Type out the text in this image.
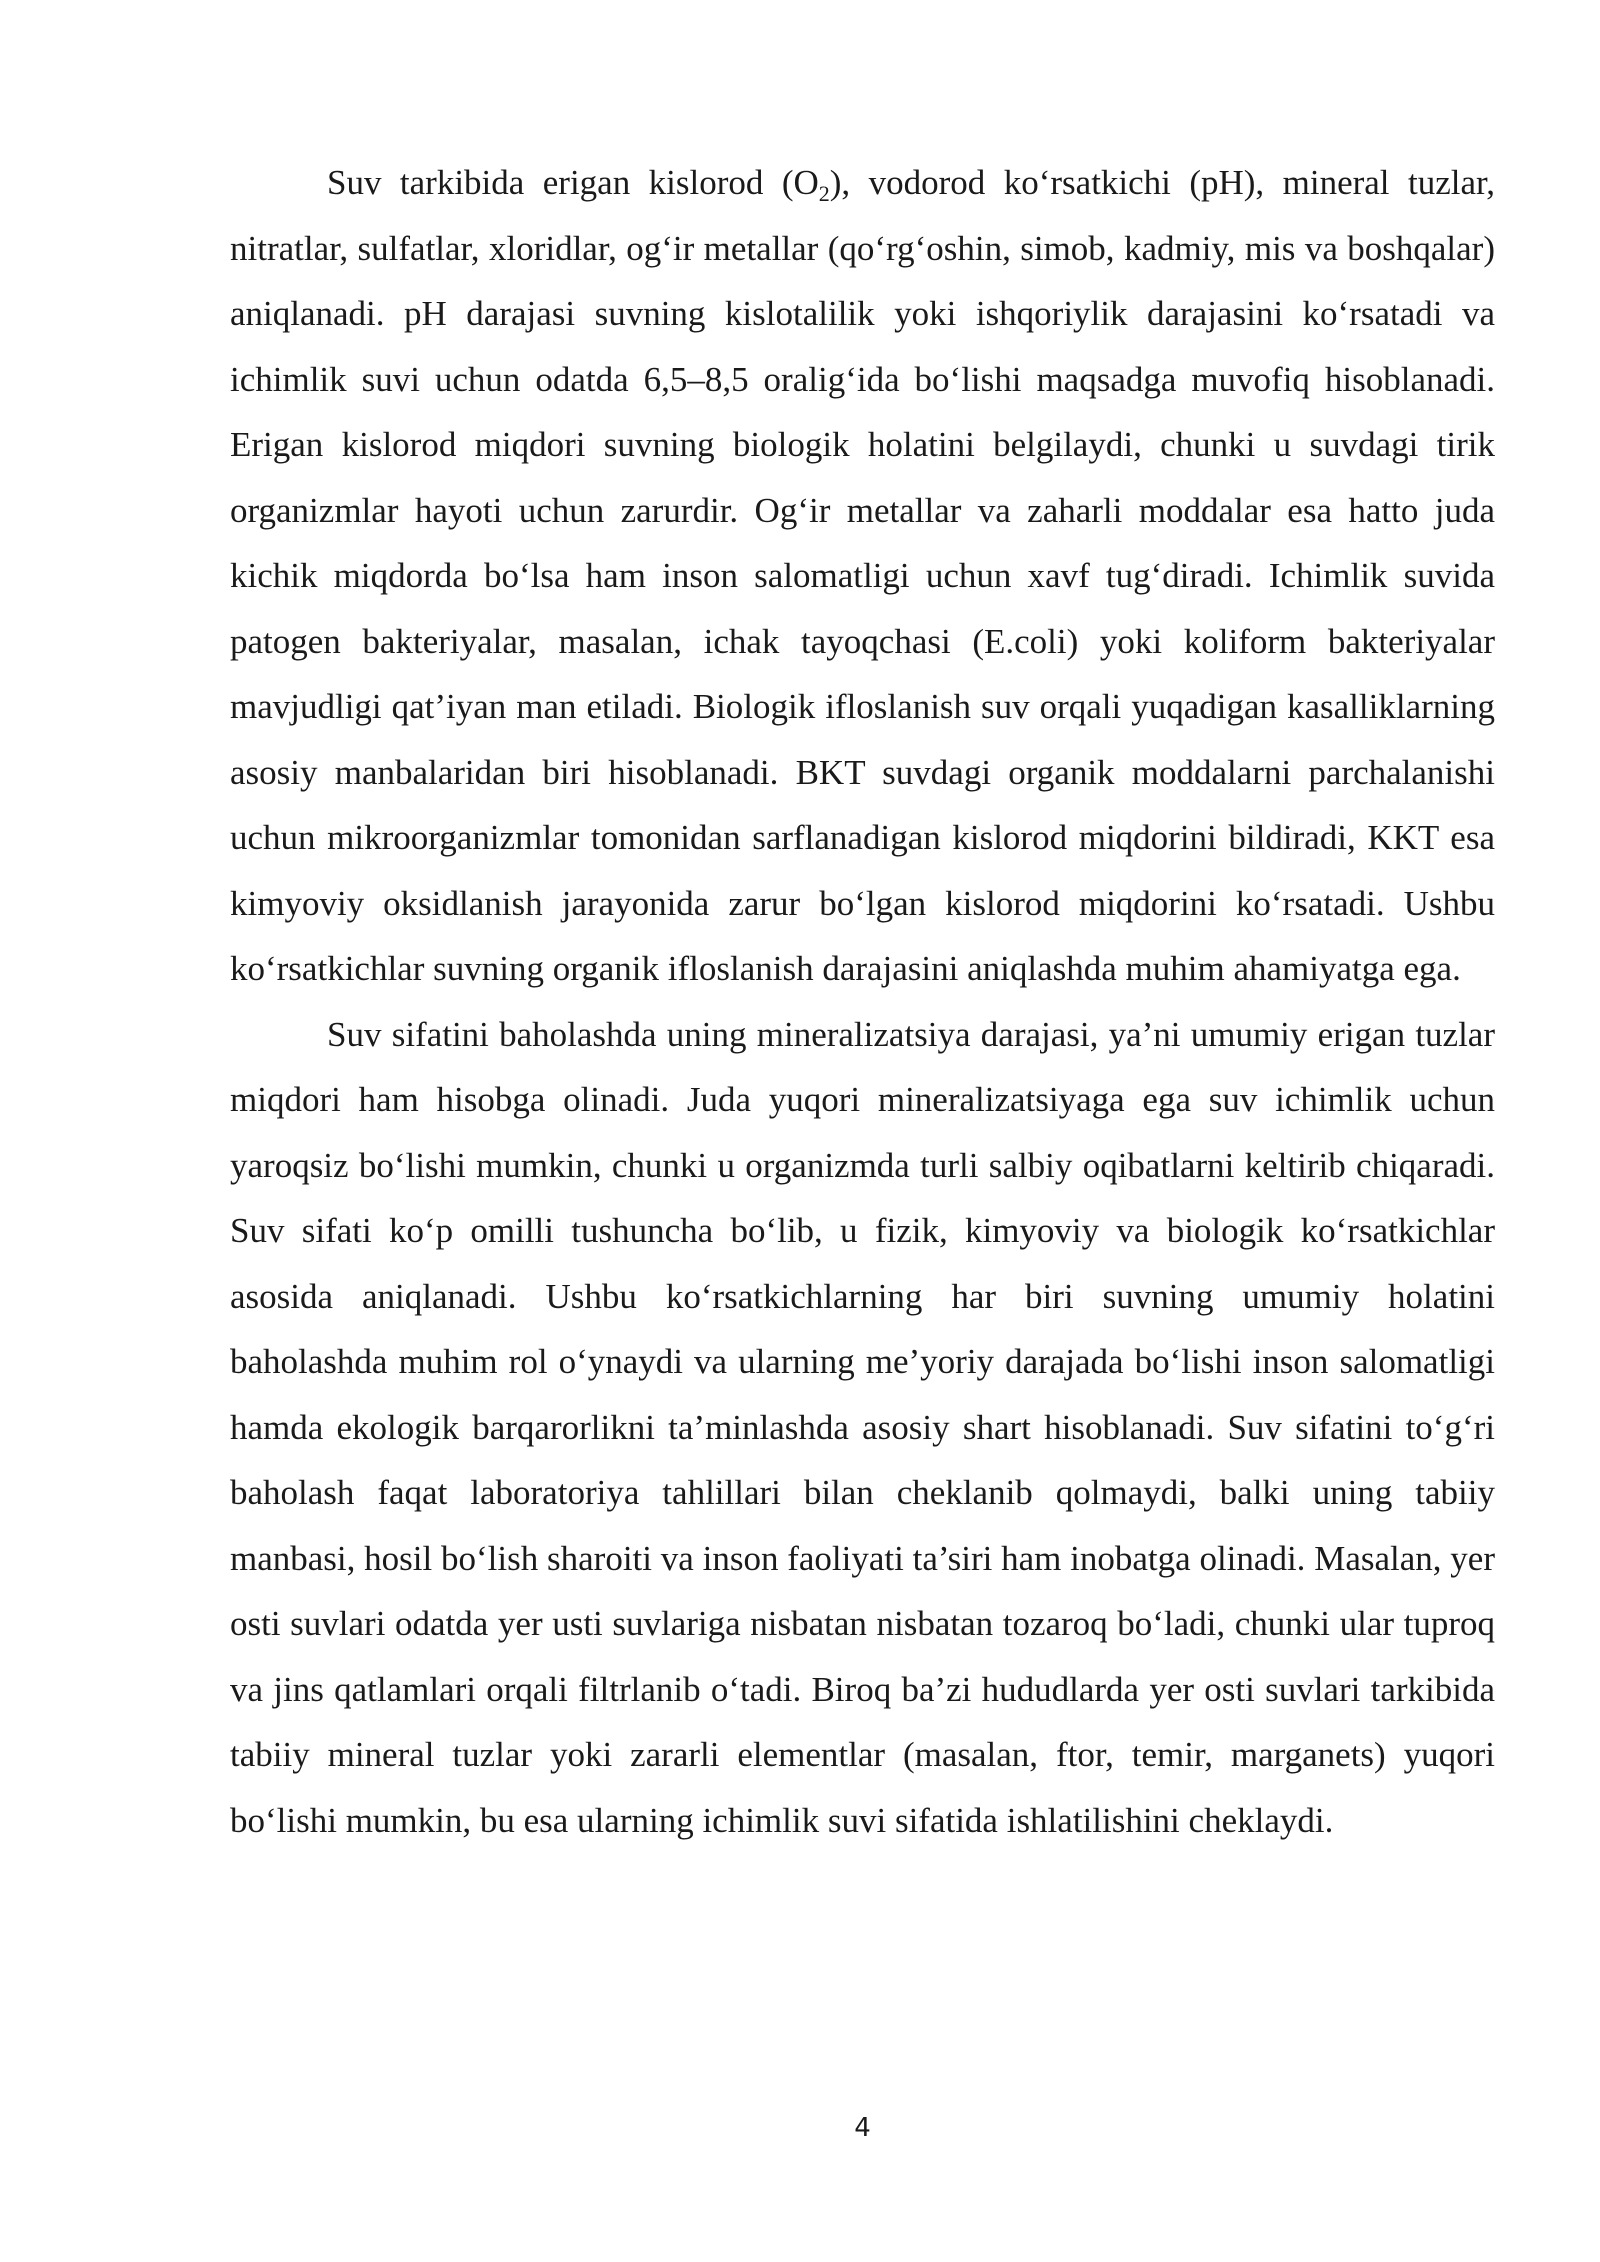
Suv tarkibida erigan kislorod $(O_2)$, vodorod ko‘rsatkichi (pH), mineral tuzlar, nitratlar, sulfatlar, xloridlar, og‘ir metallar (qo‘rg‘oshin, simob, kadmiy, mis va boshqalar) aniqlanadi. pH darajasi suvning kislotalilik yoki ishqoriylik darajasini ko‘rsatadi va ichimlik suvi uchun odatda 6,5–8,5 oralig‘ida bo‘lishi maqsadga muvofiq hisoblanadi. Erigan kislorod miqdori suvning biologik holatini belgilaydi, chunki u suvdagi tirik organizmlar hayoti uchun zarurdir. Og‘ir metallar va zaharli moddalar esa hatto juda kichik miqdorda bo‘lsa ham inson salomatligi uchun xavf tug‘diradi. Ichimlik suvida patogen bakteriyalar, masalan, ichak tayoqchasi (E.coli) yoki koliform bakteriyalar mavjudligi qat’iyan man etiladi. Biologik ifloslanish suv orqali yuqadigan kasalliklarning asosiy manbalaridan biri hisoblanadi. BKT suvdagi organik moddalarni parchalanishi uchun mikroorganizmlar tomonidan sarflanadigan kislorod miqdorini bildiradi, KKT esa kimyoviy oksidlanish jarayonida zarur bo‘lgan kislorod miqdorini ko‘rsatadi. Ushbu ko‘rsatkichlar suvning organik ifloslanish darajasini aniqlashda muhim ahamiyatga ega.

Suv sifatini baholashda uning mineralizatsiya darajasi, ya’ni umumiy erigan tuzlar miqdori ham hisobga olinadi. Juda yuqori mineralizatsiyaga ega suv ichimlik uchun yaroqsiz bo‘lishi mumkin, chunki u organizmda turli salbiy oqibatlarni keltirib chiqaradi. Suv sifati ko‘p omilli tushuncha bo‘lib, u fizik, kimyoviy va biologik ko‘rsatkichlar asosida aniqlanadi. Ushbu ko‘rsatkichlarning har biri suvning umumiy holatini baholashda muhim rol o‘ynaydi va ularning me’yoriy darajada bo‘lishi inson salomatligi hamda ekologik barqarorlikni ta’minlashda asosiy shart hisoblanadi. Suv sifatini to‘g‘ri baholash faqat laboratoriya tahlillari bilan cheklanib qolmaydi, balki uning tabiiy manbasi, hosil bo‘lish sharoiti va inson faoliyati ta’siri ham inobatga olinadi. Masalan, yer osti suvlari odatda yer usti suvlariga nisbatan nisbatan tozaroq bo‘ladi, chunki ular tuproq va jins qatlamlari orqali filtrlanib o‘tadi. Biroq ba’zi hududlarda yer osti suvlari tarkibida tabiiy mineral tuzlar yoki zararli elementlar (masalan, ftor, temir, marganets) yuqori bo‘lishi mumkin, bu esa ularning ichimlik suvi sifatida ishlatilishini cheklaydi.

4
